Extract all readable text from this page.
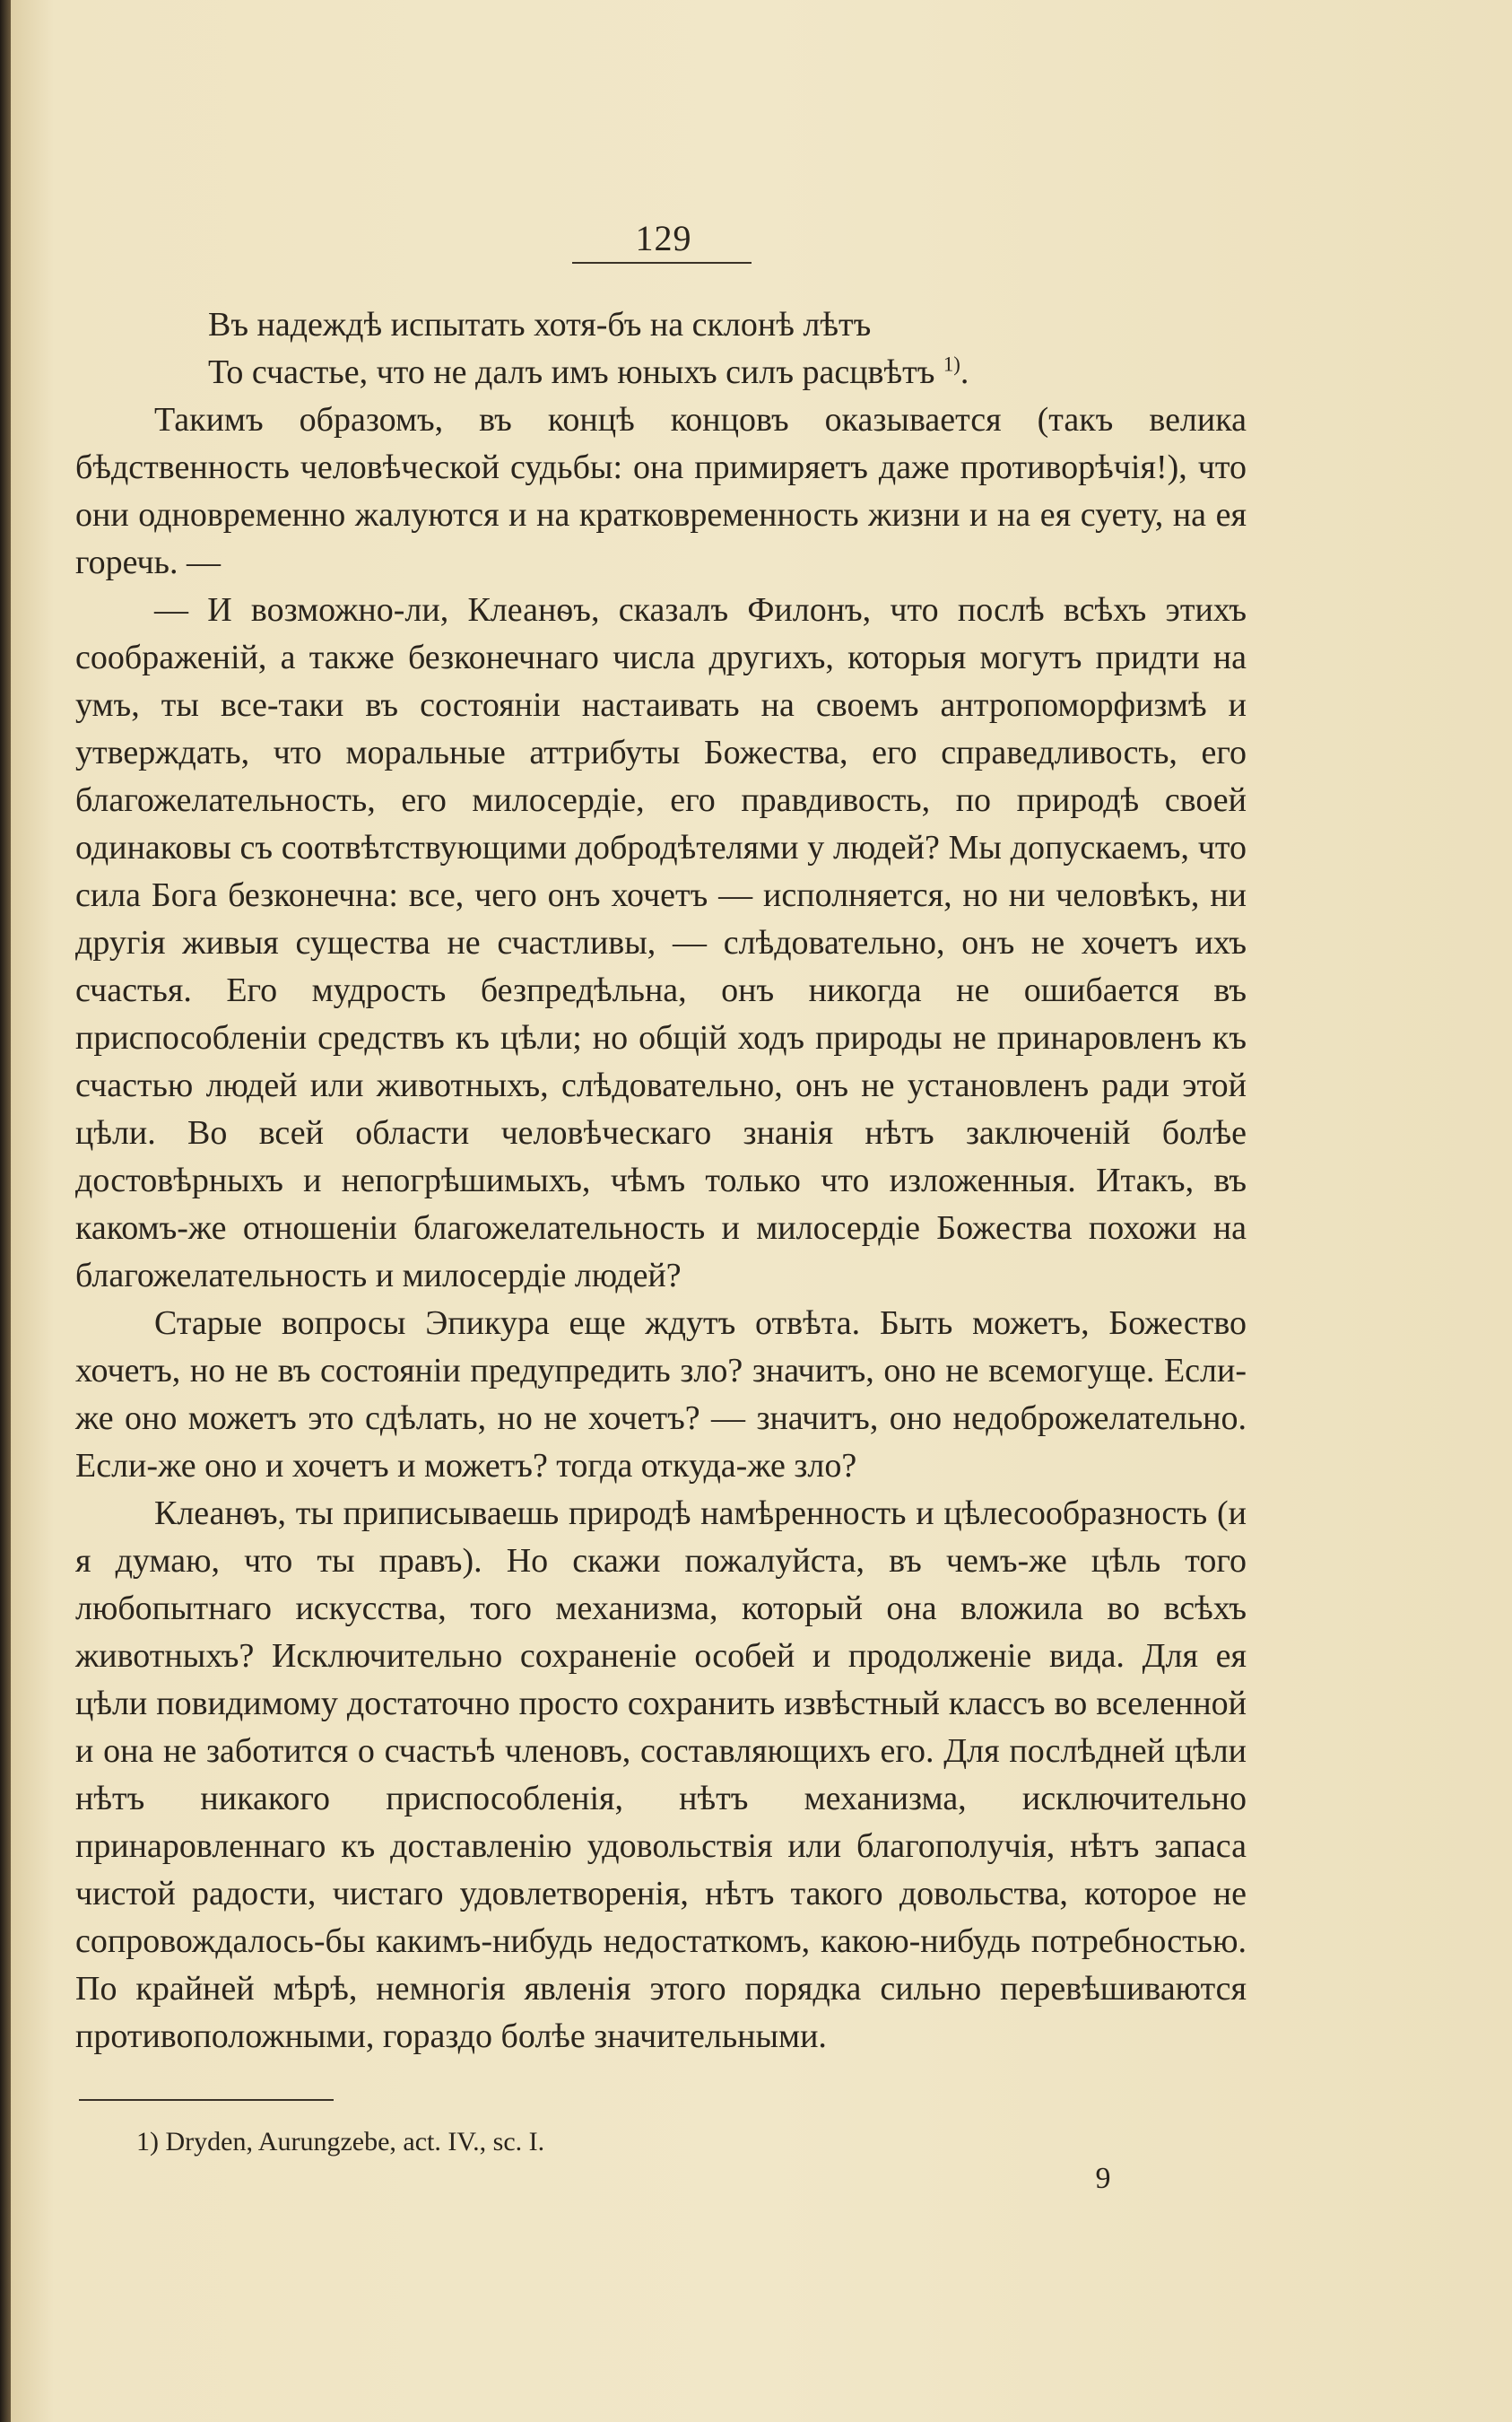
129

Въ надеждѣ испытать хотя-бъ на склонѣ лѣтъ

То счастье, что не далъ имъ юныхъ силъ расцвѣтъ $^{1)}$.

Такимъ образомъ, въ концѣ концовъ оказывается (такъ велика бѣдственность человѣческой судьбы: она примиряетъ даже противорѣчія!), что они одновременно жалуются и на кратковременность жизни и на ея суету, на ея горечь. —

— И возможно-ли, Клеанѳъ, сказалъ Филонъ, что послѣ всѣхъ этихъ соображеній, а также безконечнаго числа другихъ, которыя могутъ придти на умъ, ты все-таки въ состояніи настаивать на своемъ антропоморфизмѣ и утверждать, что моральные аттрибуты Божества, его справедливость, его благожелательность, его милосердіе, его правдивость, по природѣ своей одинаковы съ соотвѣтствующими добродѣтелями у людей? Мы допускаемъ, что сила Бога безконечна: все, чего онъ хочетъ — исполняется, но ни человѣкъ, ни другія живыя существа не счастливы, — слѣдовательно, онъ не хочетъ ихъ счастья. Его мудрость безпредѣльна, онъ никогда не ошибается въ приспособленіи средствъ къ цѣли; но общій ходъ природы не принаровленъ къ счастью людей или животныхъ, слѣдовательно, онъ не установленъ ради этой цѣли. Во всей области человѣческаго знанія нѣтъ заключеній болѣе достовѣрныхъ и непогрѣшимыхъ, чѣмъ только что изложенныя. Итакъ, въ какомъ-же отношеніи благожелательность и милосердіе Божества похожи на благожелательность и милосердіе людей?

Старые вопросы Эпикура еще ждутъ отвѣта. Быть можетъ, Божество хочетъ, но не въ состояніи предупредить зло? значитъ, оно не всемогуще. Если-же оно можетъ это сдѣлать, но не хочетъ? — значитъ, оно недоброжелательно. Если-же оно и хочетъ и можетъ? тогда откуда-же зло?

Клеанѳъ, ты приписываешь природѣ намѣренность и цѣлесообразность (и я думаю, что ты правъ). Но скажи пожалуйста, въ чемъ-же цѣль того любопытнаго искусства, того механизма, который она вложила во всѣхъ животныхъ? Исключительно сохраненіе особей и продолженіе вида. Для ея цѣли повидимому достаточно просто сохранить извѣстный классъ во вселенной и она не заботится о счастьѣ членовъ, составляющихъ его. Для послѣдней цѣли нѣтъ никакого приспособленія, нѣтъ механизма, исключительно принаровленнаго къ доставленію удовольствія или благополучія, нѣтъ запаса чистой радости, чистаго удовлетворенія, нѣтъ такого довольства, которое не сопровождалось-бы какимъ-нибудь недостаткомъ, какою-нибудь потребностью. По крайней мѣрѣ, немногія явленія этого порядка сильно перевѣшиваются противоположными, гораздо болѣе значительными.

1) Dryden, Aurungzebe, act. IV., sc. I.
9
